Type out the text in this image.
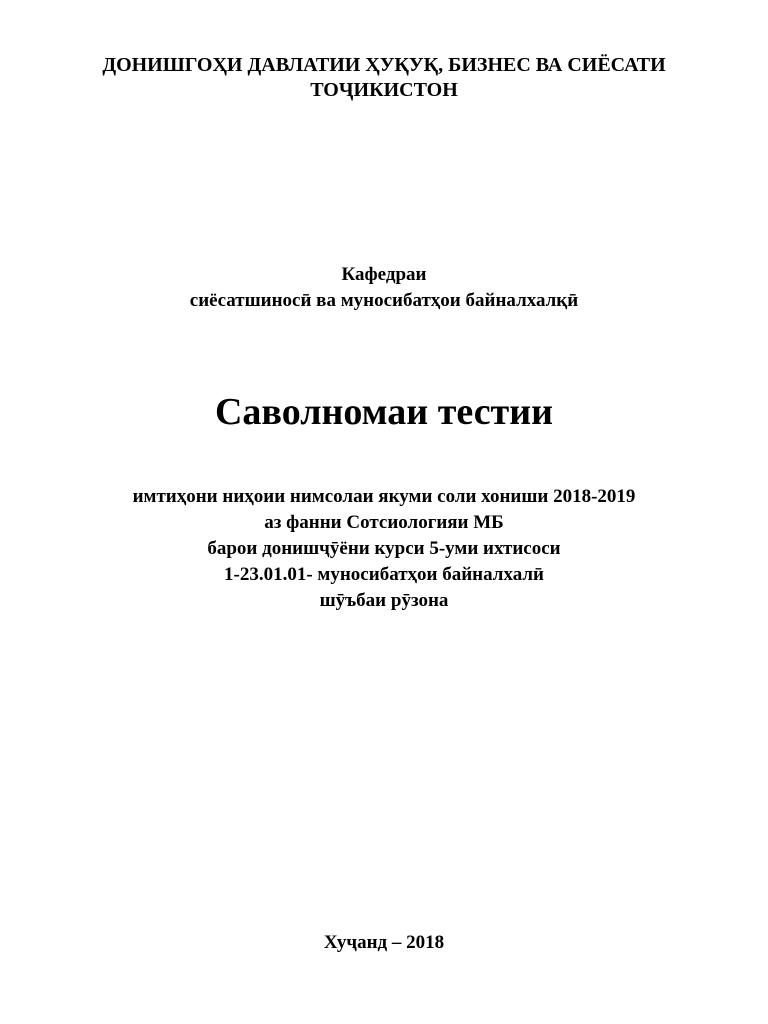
ДОНИШГОҲИ ДАВЛАТИИ ҲУҚУҚ, БИЗНЕС ВА СИЁСАТИ
ТОҶИКИСТОН
Кафедраи
сиёсатшиносӣ ва муносибатҳои байналхалқӣ
Саволномаи тестии
имтиҳони ниҳоии нимсолаи якуми соли хониши 2018-2019
аз фанни Сотсиологияи МБ
барои донишҷӯёни курси 5-уми ихтисоси
1-23.01.01- муносибатҳои байналхалӣ
шӯъбаи рӯзона
Хуҷанд – 2018
